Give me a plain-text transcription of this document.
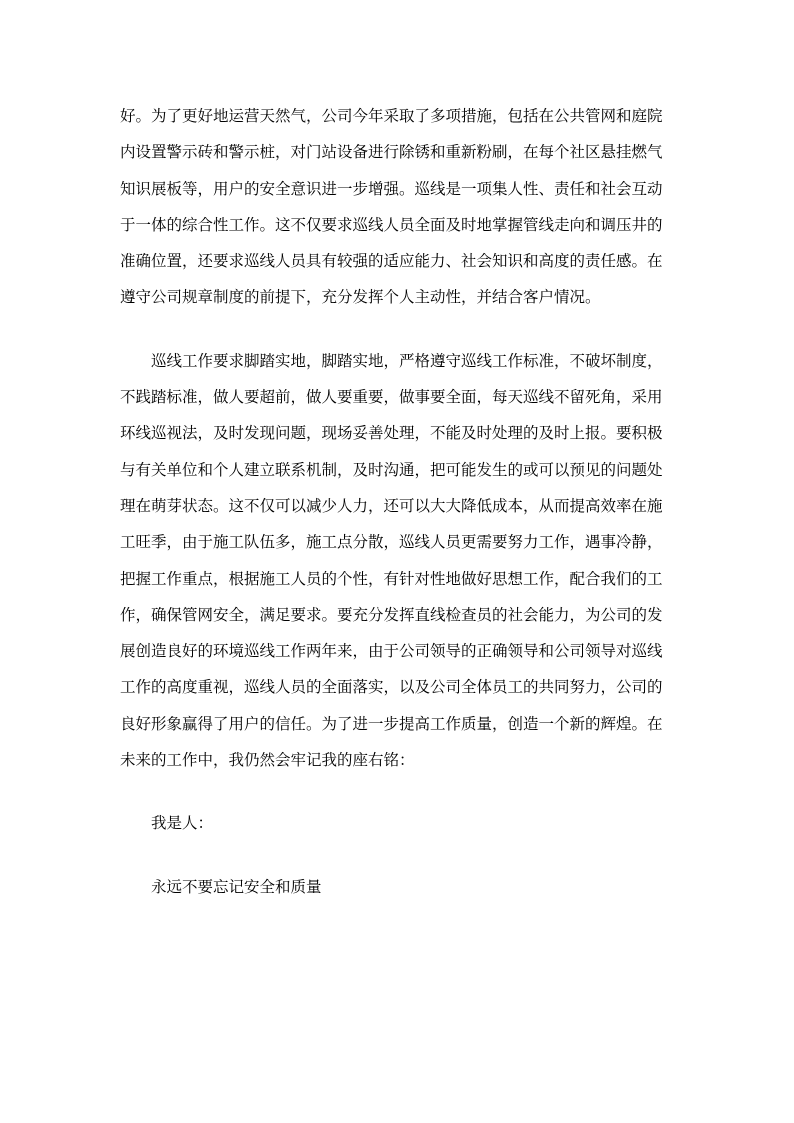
好。为了更好地运营天然气，公司今年采取了多项措施，包括在公共管网和庭院
内设置警示砖和警示桩，对门站设备进行除锈和重新粉刷，在每个社区悬挂燃气
知识展板等，用户的安全意识进一步增强。巡线是一项集人性、责任和社会互动
于一体的综合性工作。这不仅要求巡线人员全面及时地掌握管线走向和调压井的
准确位置，还要求巡线人员具有较强的适应能力、社会知识和高度的责任感。在
遵守公司规章制度的前提下，充分发挥个人主动性，并结合客户情况。
巡线工作要求脚踏实地，脚踏实地，严格遵守巡线工作标准，不破坏制度，
不践踏标准，做人要超前，做人要重要，做事要全面，每天巡线不留死角，采用
环线巡视法，及时发现问题，现场妥善处理，不能及时处理的及时上报。要积极
与有关单位和个人建立联系机制，及时沟通，把可能发生的或可以预见的问题处
理在萌芽状态。这不仅可以减少人力，还可以大大降低成本，从而提高效率在施
工旺季，由于施工队伍多，施工点分散，巡线人员更需要努力工作，遇事冷静，
把握工作重点，根据施工人员的个性，有针对性地做好思想工作，配合我们的工
作，确保管网安全，满足要求。要充分发挥直线检查员的社会能力，为公司的发
展创造良好的环境巡线工作两年来，由于公司领导的正确领导和公司领导对巡线
工作的高度重视，巡线人员的全面落实，以及公司全体员工的共同努力，公司的
良好形象赢得了用户的信任。为了进一步提高工作质量，创造一个新的辉煌。在
未来的工作中，我仍然会牢记我的座右铭：
我是人：
永远不要忘记安全和质量
